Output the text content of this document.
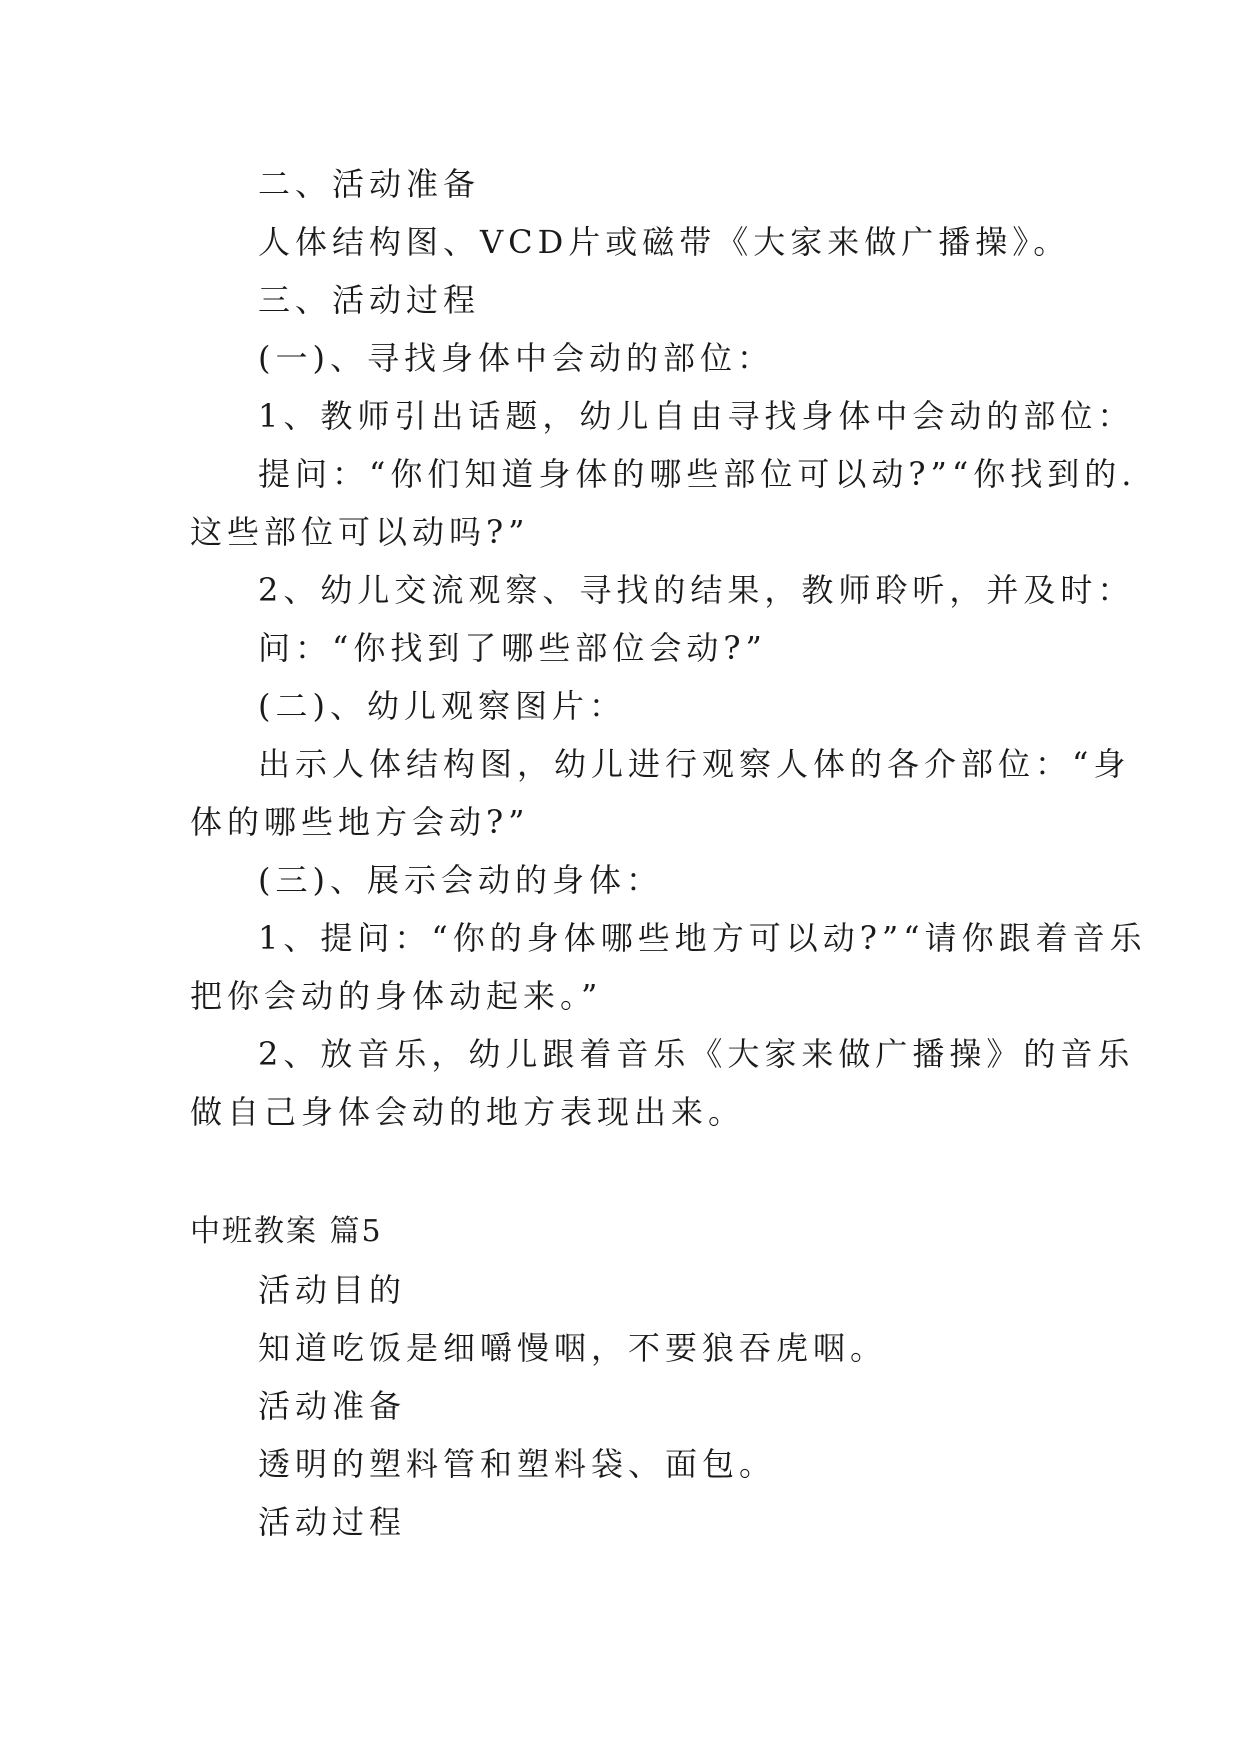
二、活动准备
人体结构图、VCD片或磁带《大家来做广播操》。
三、活动过程
(一)、寻找身体中会动的部位：
1、教师引出话题，幼儿自由寻找身体中会动的部位：
提问：“你们知道身体的哪些部位可以动?”“你找到的.
这些部位可以动吗?”
2、幼儿交流观察、寻找的结果，教师聆听，并及时：
问：“你找到了哪些部位会动?”
(二)、幼儿观察图片：
出示人体结构图，幼儿进行观察人体的各介部位：“身
体的哪些地方会动?”
(三)、展示会动的身体：
1、提问：“你的身体哪些地方可以动?”“请你跟着音乐
把你会动的身体动起来。”
2、放音乐，幼儿跟着音乐《大家来做广播操》的音乐
做自己身体会动的地方表现出来。
中班教案 篇5
活动目的
知道吃饭是细嚼慢咽，不要狼吞虎咽。
活动准备
透明的塑料管和塑料袋、面包。
活动过程
